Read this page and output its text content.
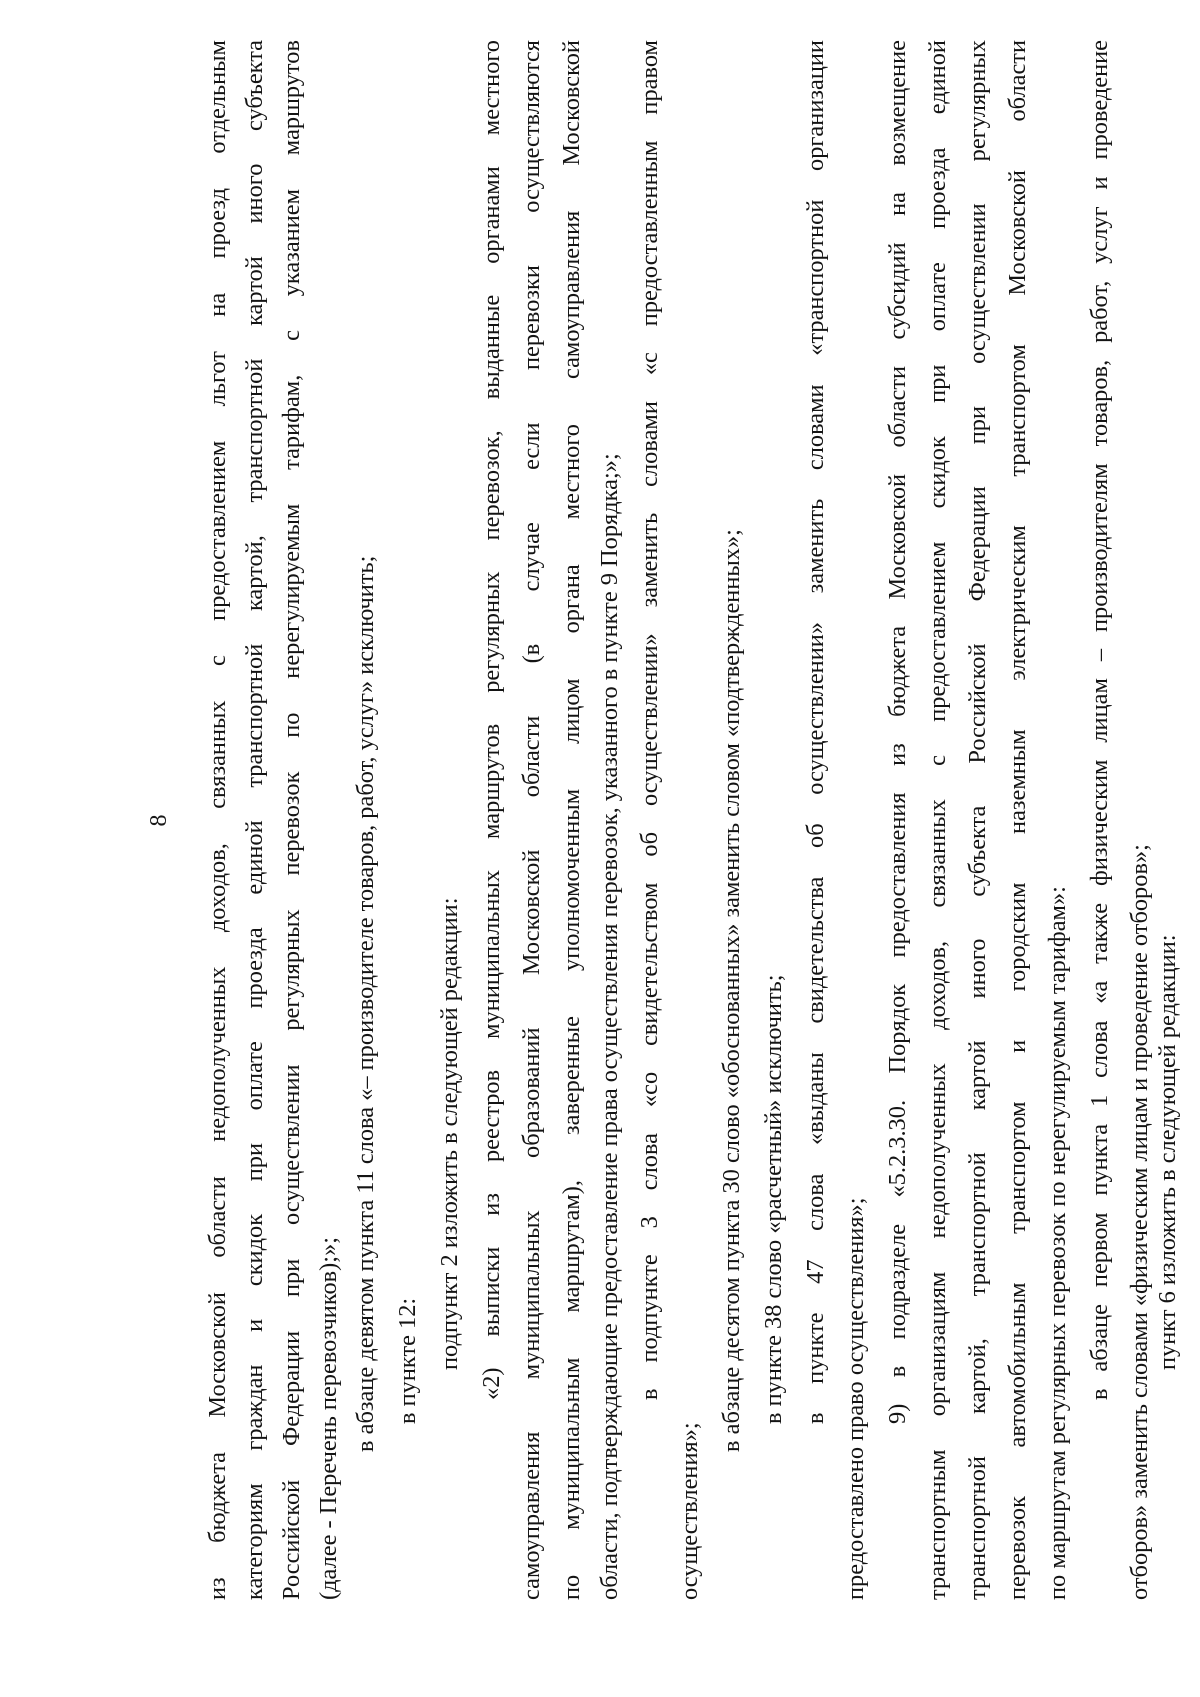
8 из бюджета Московской области недополученных доходов, связанных с предоставлением льгот на проезд отдельным категориям граждан и скидок при оплате проезда единой транспортной картой, транспортной картой иного субъекта Российской Федерации при осуществлении регулярных перевозок по нерегулируемым тарифам, с указанием маршрутов (далее - Перечень перевозчиков);»; в абзаце девятом пункта 11 слова «– производителе товаров, работ, услуг» исключить; в пункте 12: подпункт 2 изложить в следующей редакции: «2) выписки из реестров муниципальных маршрутов регулярных перевозок, выданные органами местного самоуправления муниципальных образований Московской области (в случае если перевозки осуществляются по муниципальным маршрутам), заверенные уполномоченным лицом органа местного самоуправления Московской области, подтверждающие предоставление права осуществления перевозок, указанного в пункте 9 Порядка;»; в подпункте 3 слова «со свидетельством об осуществлении» заменить словами «с предоставленным правом
осуществления»;
в абзаце десятом пункта 30 слово «обоснованных» заменить словом «подтвержденных»; в пункте 38 слово «расчетный» исключить; в пункте 47 слова «выданы свидетельства об осуществлении» заменить словами «транспортной организации предоставлено право осуществления»; 9) в подразделе «5.2.3.30. Порядок предоставления из бюджета Московской области субсидий на возмещение транспортным организациям недополученных доходов, связанных с предоставлением скидок при оплате проезда единой транспортной картой, транспортной картой иного субъекта Российской Федерации при осуществлении регулярных перевозок автомобильным транспортом и городским наземным электрическим транспортом Московской области по маршрутам регулярных перевозок по нерегулируемым тарифам»: в абзаце первом пункта 1 слова «а также физическим лицам – производителям товаров, работ, услуг и проведение отборов» заменить словами «физическим лицам и проведение отборов»; пункт 6 изложить в следующей редакции:
